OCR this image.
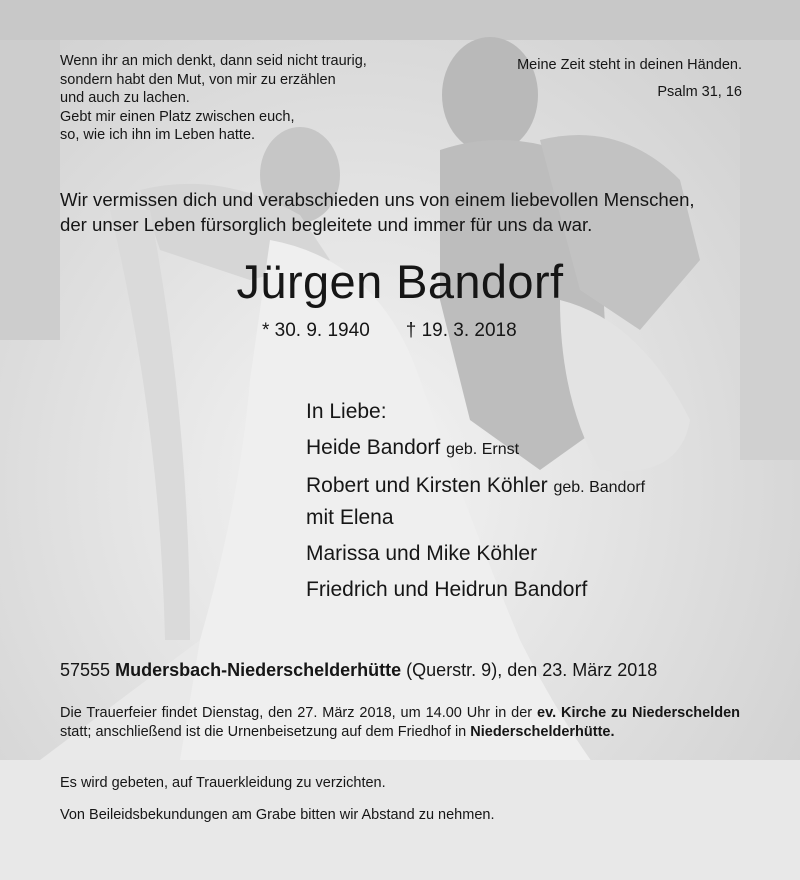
Wenn ihr an mich denkt, dann seid nicht traurig,
sondern habt den Mut, von mir zu erzählen
und auch zu lachen.
Gebt mir einen Platz zwischen euch,
so, wie ich ihn im Leben hatte.
Meine Zeit steht in deinen Händen.
Psalm 31, 16
Wir vermissen dich und verabschieden uns von einem liebevollen Menschen,
der unser Leben fürsorglich begleitete und immer für uns da war.
Jürgen Bandorf
* 30. 9. 1940 † 19. 3. 2018
In Liebe:
Heide Bandorf geb. Ernst
Robert und Kirsten Köhler geb. Bandorf
mit Elena
Marissa und Mike Köhler
Friedrich und Heidrun Bandorf
57555 Mudersbach-Niederschelderhütte (Querstr. 9), den 23. März 2018
Die Trauerfeier findet Dienstag, den 27. März 2018, um 14.00 Uhr in der ev. Kirche zu Niederschelden statt; anschließend ist die Urnenbeisetzung auf dem Friedhof in Niederschelderhütte.
Es wird gebeten, auf Trauerkleidung zu verzichten.
Von Beileidsbekundungen am Grabe bitten wir Abstand zu nehmen.
